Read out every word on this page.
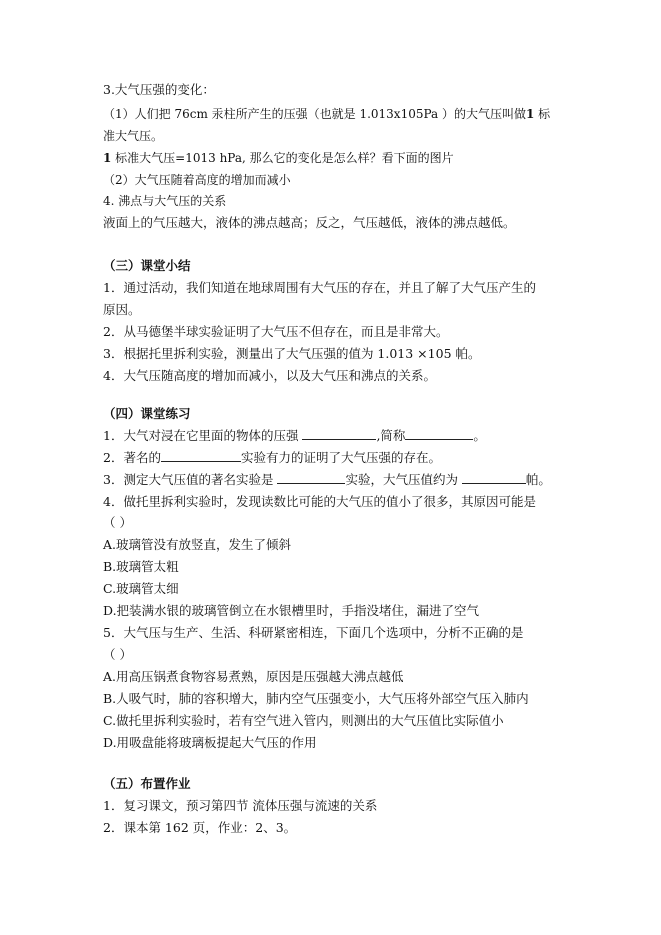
3.大气压强的变化：
（1）人们把 76cm 汞柱所产生的压强（也就是 1.013x105Pa ）的大气压叫做1 标
准大气压。
1 标准大气压=1013 hPa, 那么它的变化是怎么样？看下面的图片
（2）大气压随着高度的增加而减小
4. 沸点与大气压的关系
液面上的气压越大，液体的沸点越高；反之，气压越低，液体的沸点越低。
（三）课堂小结
1．通过活动，我们知道在地球周围有大气压的存在，并且了解了大气压产生的
原因。
2．从马德堡半球实验证明了大气压不但存在，而且是非常大。
3．根据托里拆利实验，测量出了大气压强的值为 1.013 ×105 帕。
4．大气压随高度的增加而减小，以及大气压和沸点的关系。
（四）课堂练习
1．大气对浸在它里面的物体的压强	,简称	。
2．著名的	实验有力的证明了大气压强的存在。
3．测定大气压值的著名实验是	实验，大气压值约为	帕。
4．做托里拆利实验时，发现读数比可能的大气压的值小了很多，其原因可能是
（ ）
A.玻璃管没有放竖直，发生了倾斜
B.玻璃管太粗
C.玻璃管太细
D.把装满水银的玻璃管倒立在水银槽里时，手指没堵住，漏进了空气
5．大气压与生产、生活、科研紧密相连，下面几个选项中，分析不正确的是
（ ）
A.用高压锅煮食物容易煮熟，原因是压强越大沸点越低
B.人吸气时，肺的容积增大，肺内空气压强变小，大气压将外部空气压入肺内
C.做托里拆利实验时，若有空气进入管内，则测出的大气压值比实际值小
D.用吸盘能将玻璃板提起大气压的作用
（五）布置作业
1．复习课文，预习第四节 流体压强与流速的关系
2．课本第 162 页，作业：2、3。
